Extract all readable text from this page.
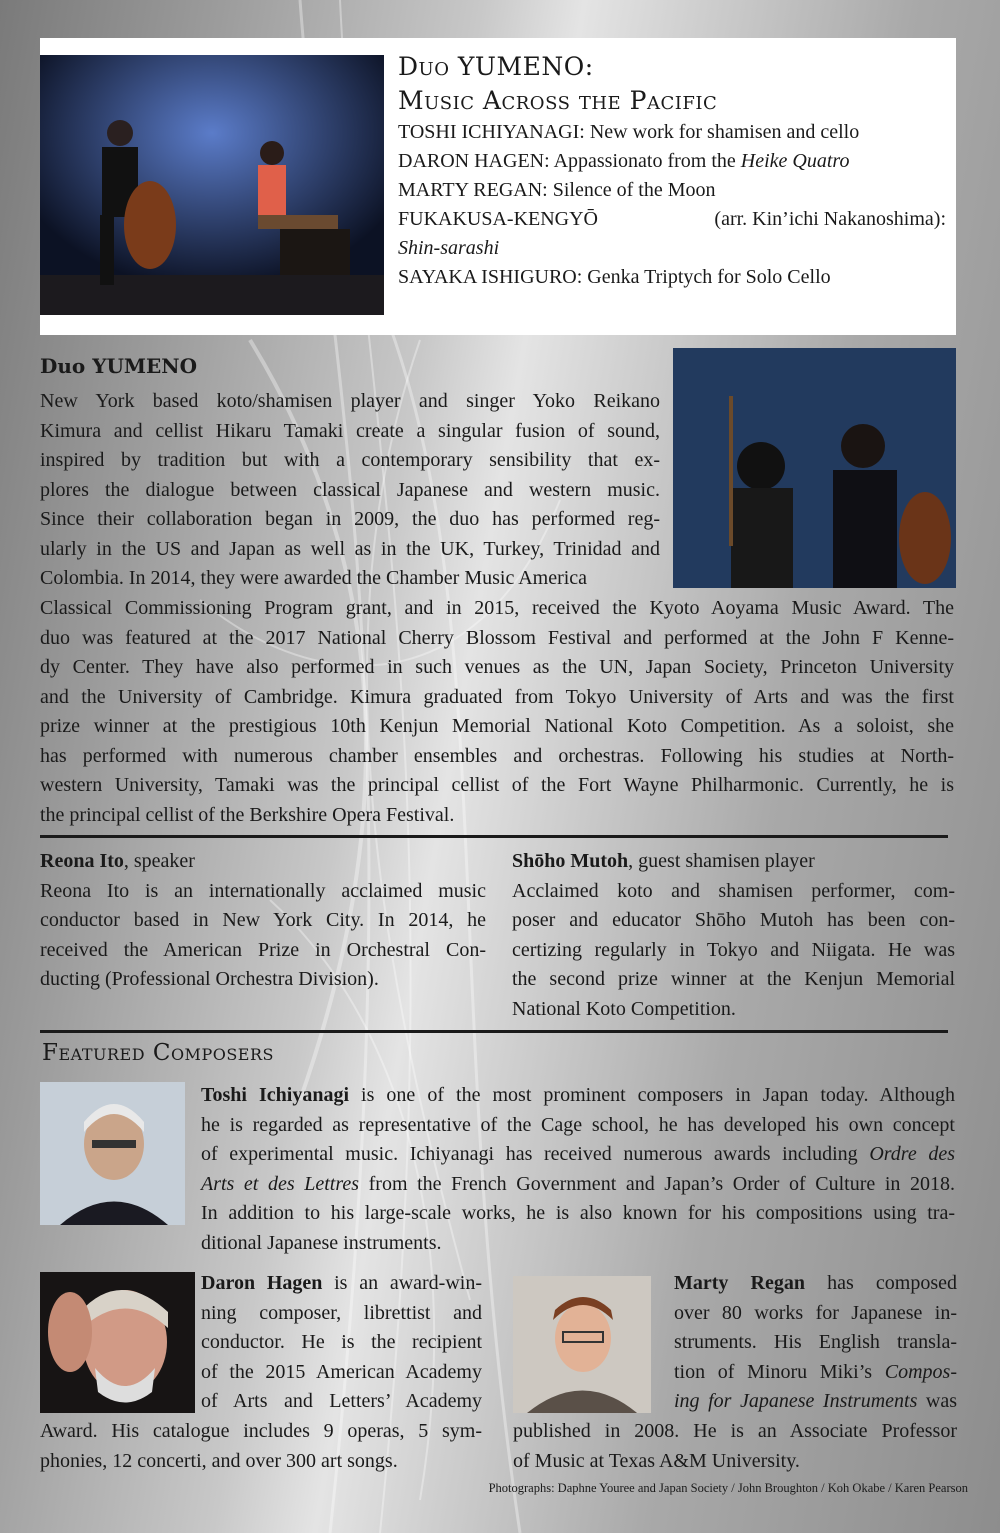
Duo YUMENO:
Music Across the Pacific
TOSHI ICHIYANAGI: New work for shamisen and cello
DARON HAGEN: Appassionato from the Heike Quatro
MARTY REGAN: Silence of the Moon
FUKAKUSA-KENGYŌ	(arr. Kin’ichi Nakanoshima):
Shin-sarashi
SAYAKA ISHIGURO: Genka Triptych for Solo Cello
Duo YUMENO
New York based koto/shamisen player and singer Yoko Reikano
Kimura and cellist Hikaru Tamaki create a singular fusion of sound,
inspired by tradition but with a contemporary sensibility that ex-
plores the dialogue between classical Japanese and western music.
Since their collaboration began in 2009, the duo has performed reg-
ularly in the US and Japan as well as in the UK, Turkey, Trinidad and
Colombia. In 2014, they were awarded the Chamber Music America
Classical Commissioning Program grant, and in 2015, received the Kyoto Aoyama Music Award. The
duo was featured at the 2017 National Cherry Blossom Festival and performed at the John F Kenne-
dy Center. They have also performed in such venues as the UN, Japan Society, Princeton University
and the University of Cambridge. Kimura graduated from Tokyo University of Arts and was the first
prize winner at the prestigious 10th Kenjun Memorial National Koto Competition. As a soloist, she
has performed with numerous chamber ensembles and orchestras. Following his studies at North-
western University, Tamaki was the principal cellist of the Fort Wayne Philharmonic. Currently, he is
the principal cellist of the Berkshire Opera Festival.
Reona Ito, speaker
Reona Ito is an internationally acclaimed music
conductor based in New York City. In 2014, he
received the American Prize in Orchestral Con-
ducting (Professional Orchestra Division).
Shōho Mutoh, guest shamisen player
Acclaimed koto and shamisen performer, com-
poser and educator Shōho Mutoh has been con-
certizing regularly in Tokyo and Niigata. He was
the second prize winner at the Kenjun Memorial
National Koto Competition.
Featured Composers
Toshi Ichiyanagi is one of the most prominent composers in Japan today. Although
he is regarded as representative of the Cage school, he has developed his own concept
of experimental music. Ichiyanagi has received numerous awards including Ordre des
Arts et des Lettres from the French Government and Japan’s Order of Culture in 2018.
In addition to his large-scale works, he is also known for his compositions using tra-
ditional Japanese instruments.
Daron Hagen is an award-win-
ning composer, librettist and
conductor. He is the recipient
of the 2015 American Academy
of Arts and Letters’ Academy
Award. His catalogue includes 9 operas, 5 sym-
phonies, 12 concerti, and over 300 art songs.
Marty Regan has composed
over 80 works for Japanese in-
struments. His English transla-
tion of Minoru Miki’s Compos-
ing for Japanese Instruments was
published in 2008. He is an Associate Professor
of Music at Texas A&M University.
Photographs: Daphne Youree and Japan Society / John Broughton / Koh Okabe / Karen Pearson
